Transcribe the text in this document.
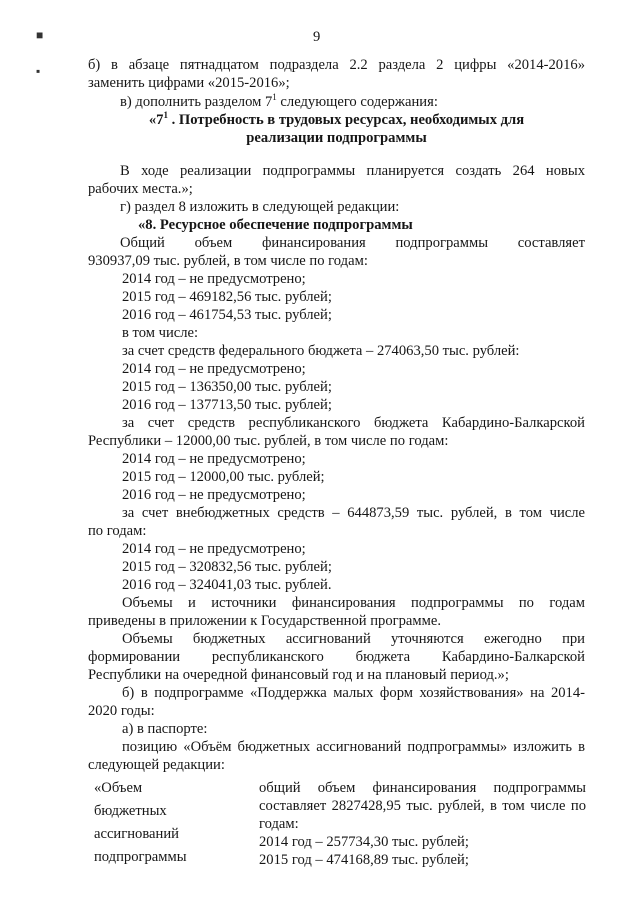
■
▪
9
б) в абзаце пятнадцатом подраздела 2.2 раздела 2 цифры «2014-2016»
заменить цифрами «2015-2016»;
в) дополнить разделом $7^1$ следующего содержания:
«$7^1$ . Потребность в трудовых ресурсах, необходимых для
реализации подпрограммы
В ходе реализации подпрограммы планируется создать 264 новых
рабочих места.»;
г) раздел 8 изложить в следующей редакции:
«8. Ресурсное обеспечение подпрограммы
Общий объем финансирования подпрограммы составляет
930937,09 тыс. рублей, в том числе по годам:
2014 год – не предусмотрено;
2015 год – 469182,56 тыс. рублей;
2016 год – 461754,53 тыс. рублей;
в том числе:
за счет средств федерального бюджета – 274063,50 тыс. рублей:
2014 год – не предусмотрено;
2015 год – 136350,00 тыс. рублей;
2016 год – 137713,50 тыс. рублей;
за счет средств республиканского бюджета Кабардино-Балкарской
Республики – 12000,00 тыс. рублей, в том числе по годам:
2014 год – не предусмотрено;
2015 год – 12000,00 тыс. рублей;
2016 год – не предусмотрено;
за счет внебюджетных средств – 644873,59 тыс. рублей, в том числе
по годам:
2014 год – не предусмотрено;
2015 год – 320832,56 тыс. рублей;
2016 год – 324041,03 тыс. рублей.
Объемы и источники финансирования подпрограммы по годам
приведены в приложении к Государственной программе.
Объемы бюджетных ассигнований уточняются ежегодно при
формировании республиканского бюджета Кабардино-Балкарской
Республики на очередной финансовый год и на плановый период.»;
б) в подпрограмме «Поддержка малых форм хозяйствования» на 2014-
2020 годы:
а) в паспорте:
позицию «Объём бюджетных ассигнований подпрограммы» изложить в
следующей редакции:
«Объем
бюджетных
ассигнований
подпрограммы
общий объем финансирования подпрограммы
составляет 2827428,95 тыс. рублей, в том числе по
годам:
2014 год – 257734,30 тыс. рублей;
2015 год – 474168,89 тыс. рублей;
